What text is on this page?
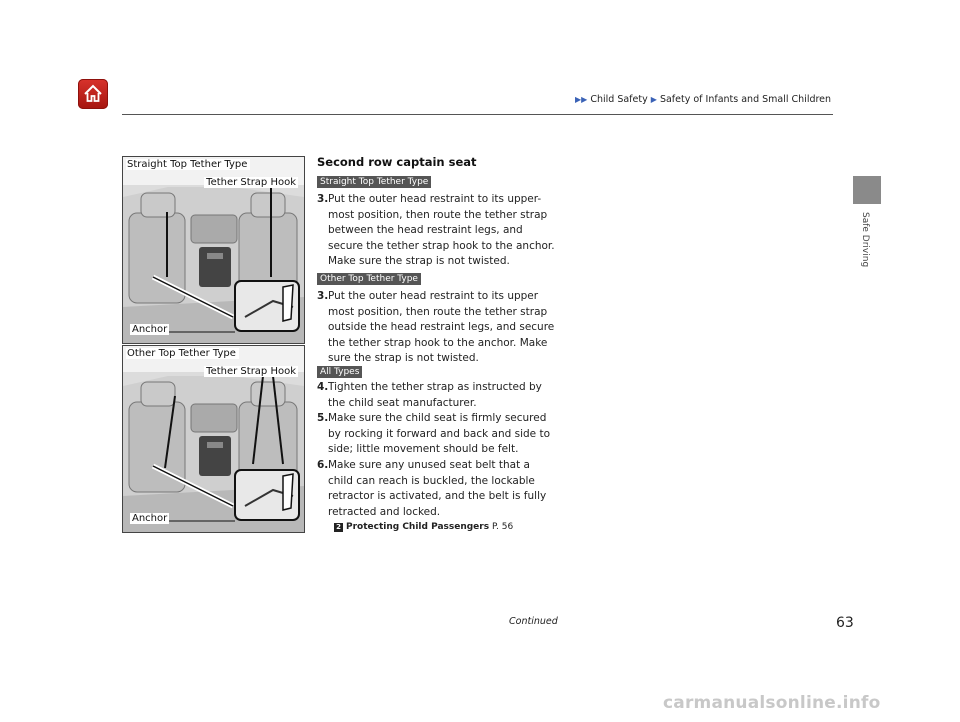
▶▶ Child Safety ▶ Safety of Infants and Small Children
Safe Driving
Straight Top Tether Type
Tether Strap Hook
Anchor
Other Top Tether Type
Tether Strap Hook
Anchor
Second row captain seat
Straight Top Tether Type
3. Put the outer head restraint to its upper-most position, then route the tether strap between the head restraint legs, and secure the tether strap hook to the anchor. Make sure the strap is not twisted.
Other Top Tether Type
3. Put the outer head restraint to its upper most position, then route the tether strap outside the head restraint legs, and secure the tether strap hook to the anchor. Make sure the strap is not twisted.
All Types
4. Tighten the tether strap as instructed by the child seat manufacturer.
5. Make sure the child seat is firmly secured by rocking it forward and back and side to side; little movement should be felt.
6. Make sure any unused seat belt that a child can reach is buckled, the lockable retractor is activated, and the belt is fully retracted and locked.
2 Protecting Child Passengers P. 56
Continued	63
carmanualsonline.info
